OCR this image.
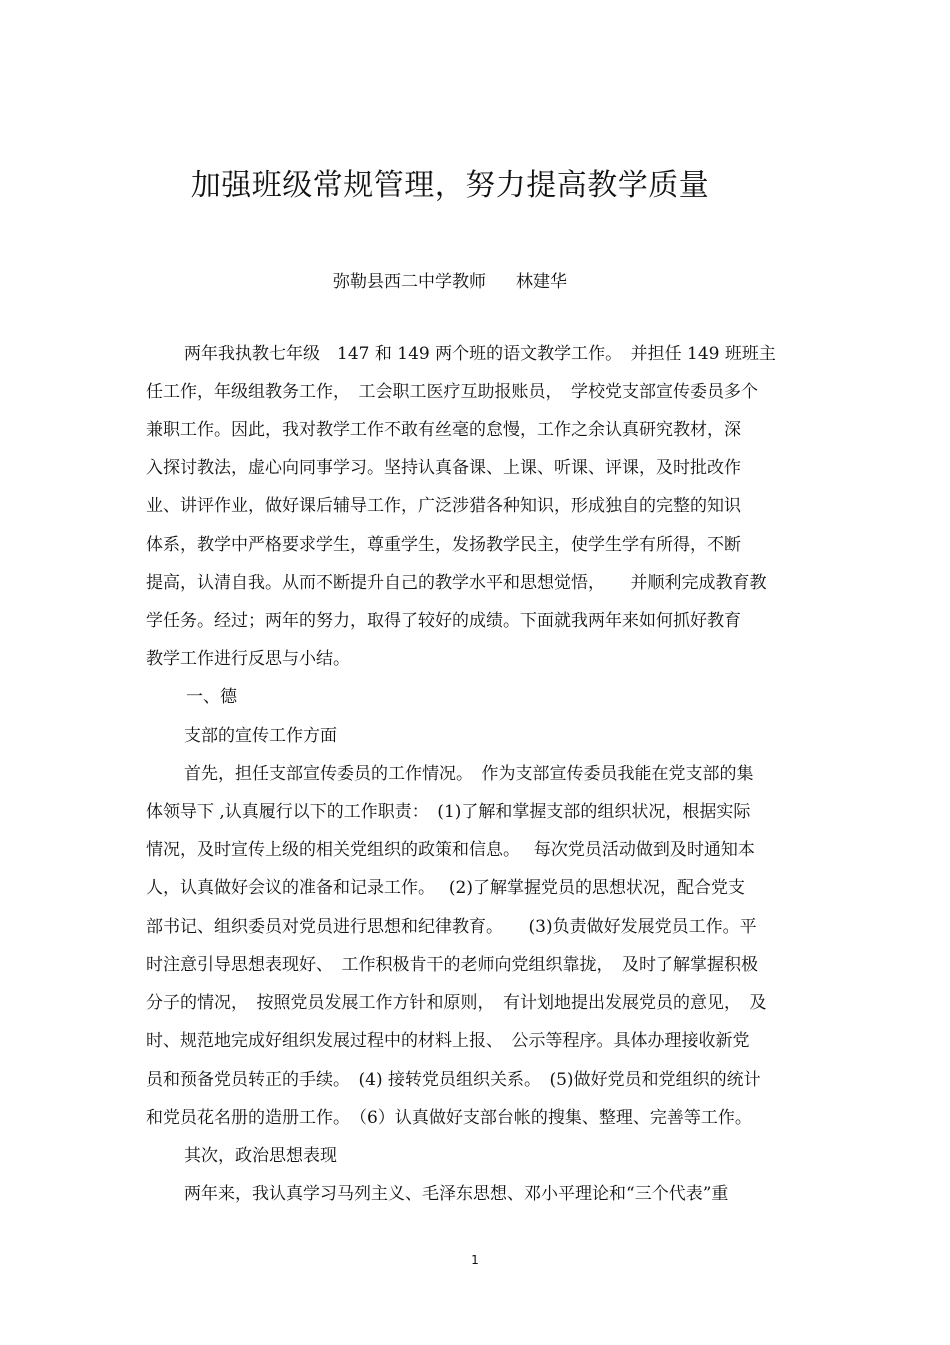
加强班级常规管理，努力提高教学质量
弥勒县西二中学教师 林建华
两年我执教七年级　147 和 149 两个班的语文教学工作。　并担任 149 班班主
任工作，年级组教务工作，　工会职工医疗互助报账员，　学校党支部宣传委员多个
兼职工作。因此，我对教学工作不敢有丝毫的怠慢，工作之余认真研究教材，深
入探讨教法，虚心向同事学习。坚持认真备课、上课、听课、评课，及时批改作
业、讲评作业，做好课后辅导工作，广泛涉猎各种知识，形成独自的完整的知识
体系，教学中严格要求学生，尊重学生，发扬教学民主，使学生学有所得，不断
提高，认清自我。从而不断提升自己的教学水平和思想觉悟，　　并顺利完成教育教
学任务。经过；两年的努力，取得了较好的成绩。下面就我两年来如何抓好教育
教学工作进行反思与小结。
一、德
支部的宣传工作方面
首先，担任支部宣传委员的工作情况。　作为支部宣传委员我能在党支部的集
体领导下 ,认真履行以下的工作职责：　(1)了解和掌握支部的组织状况，根据实际
情况，及时宣传上级的相关党组织的政策和信息。　 每次党员活动做到及时通知本
人，认真做好会议的准备和记录工作。　 (2)了解掌握党员的思想状况，配合党支
部书记、组织委员对党员进行思想和纪律教育。　　(3)负责做好发展党员工作。平
时注意引导思想表现好、　工作积极肯干的老师向党组织靠拢，　及时了解掌握积极
分子的情况，　按照党员发展工作方针和原则，　有计划地提出发展党员的意见，　及
时、规范地完成好组织发展过程中的材料上报、　公示等程序。具体办理接收新党
员和预备党员转正的手续。　(4) 接转党员组织关系。　(5)做好党员和党组织的统计
和党员花名册的造册工作。　（6）认真做好支部台帐的搜集、整理、完善等工作。
其次，政治思想表现
两年来，我认真学习马列主义、毛泽东思想、邓小平理论和“三个代表”重
1
